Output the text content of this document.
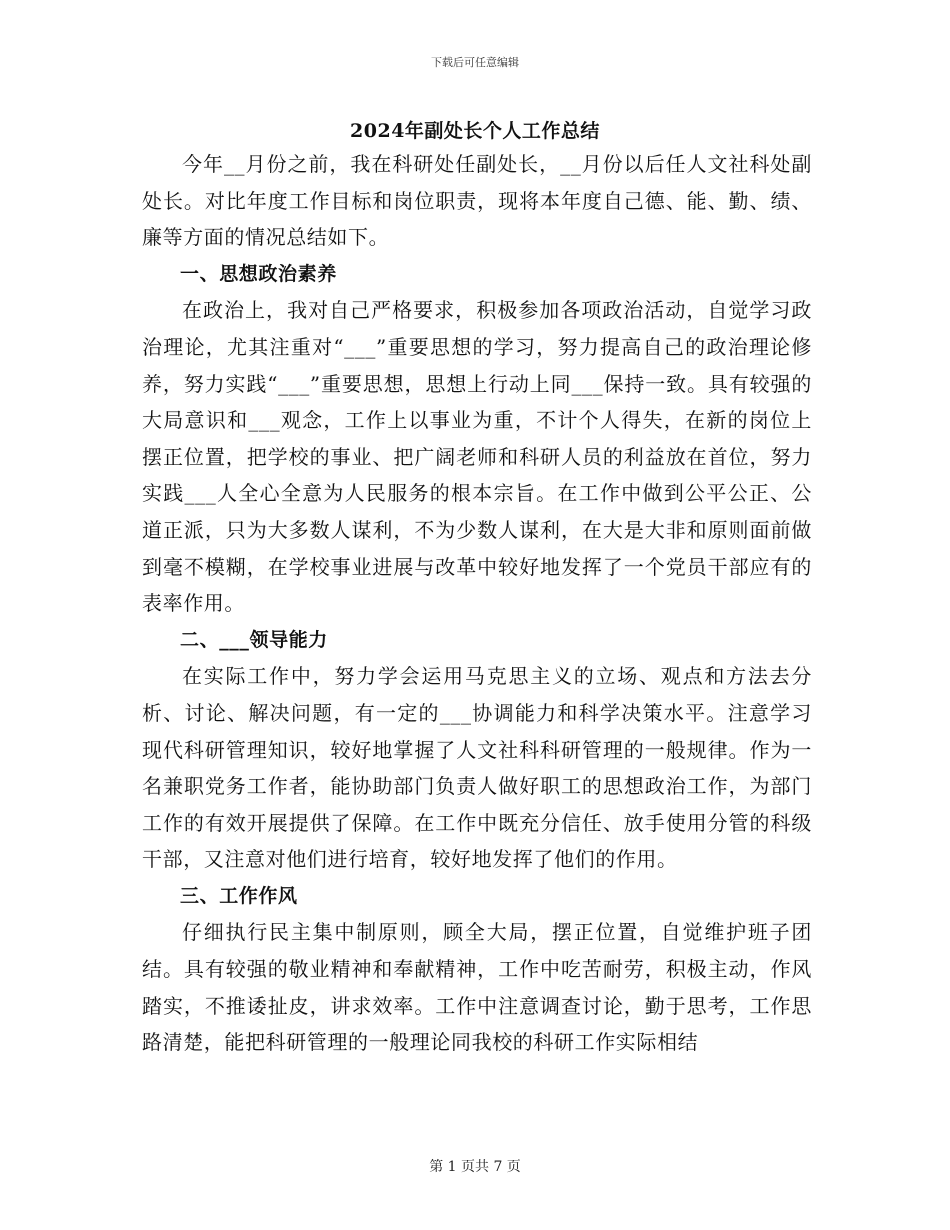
下载后可任意编辑
2024年副处长个人工作总结

今年__月份之前，我在科研处任副处长，__月份以后任人文社科处副处长。对比年度工作目标和岗位职责，现将本年度自己德、能、勤、绩、廉等方面的情况总结如下。

一、思想政治素养

在政治上，我对自己严格要求，积极参加各项政治活动，自觉学习政治理论，尤其注重对“___”重要思想的学习，努力提高自己的政治理论修养，努力实践“___”重要思想，思想上行动上同___保持一致。具有较强的大局意识和___观念，工作上以事业为重，不计个人得失，在新的岗位上摆正位置，把学校的事业、把广阔老师和科研人员的利益放在首位，努力实践___人全心全意为人民服务的根本宗旨。在工作中做到公平公正、公道正派，只为大多数人谋利，不为少数人谋利，在大是大非和原则面前做到毫不模糊，在学校事业进展与改革中较好地发挥了一个党员干部应有的表率作用。

二、___领导能力

在实际工作中，努力学会运用马克思主义的立场、观点和方法去分析、讨论、解决问题，有一定的___协调能力和科学决策水平。注意学习现代科研管理知识，较好地掌握了人文社科科研管理的一般规律。作为一名兼职党务工作者，能协助部门负责人做好职工的思想政治工作，为部门工作的有效开展提供了保障。在工作中既充分信任、放手使用分管的科级干部，又注意对他们进行培育，较好地发挥了他们的作用。

三、工作作风

仔细执行民主集中制原则，顾全大局，摆正位置，自觉维护班子团结。具有较强的敬业精神和奉献精神，工作中吃苦耐劳，积极主动，作风踏实，不推诿扯皮，讲求效率。工作中注意调查讨论，勤于思考，工作思路清楚，能把科研管理的一般理论同我校的科研工作实际相结

第 1 页共 7 页
